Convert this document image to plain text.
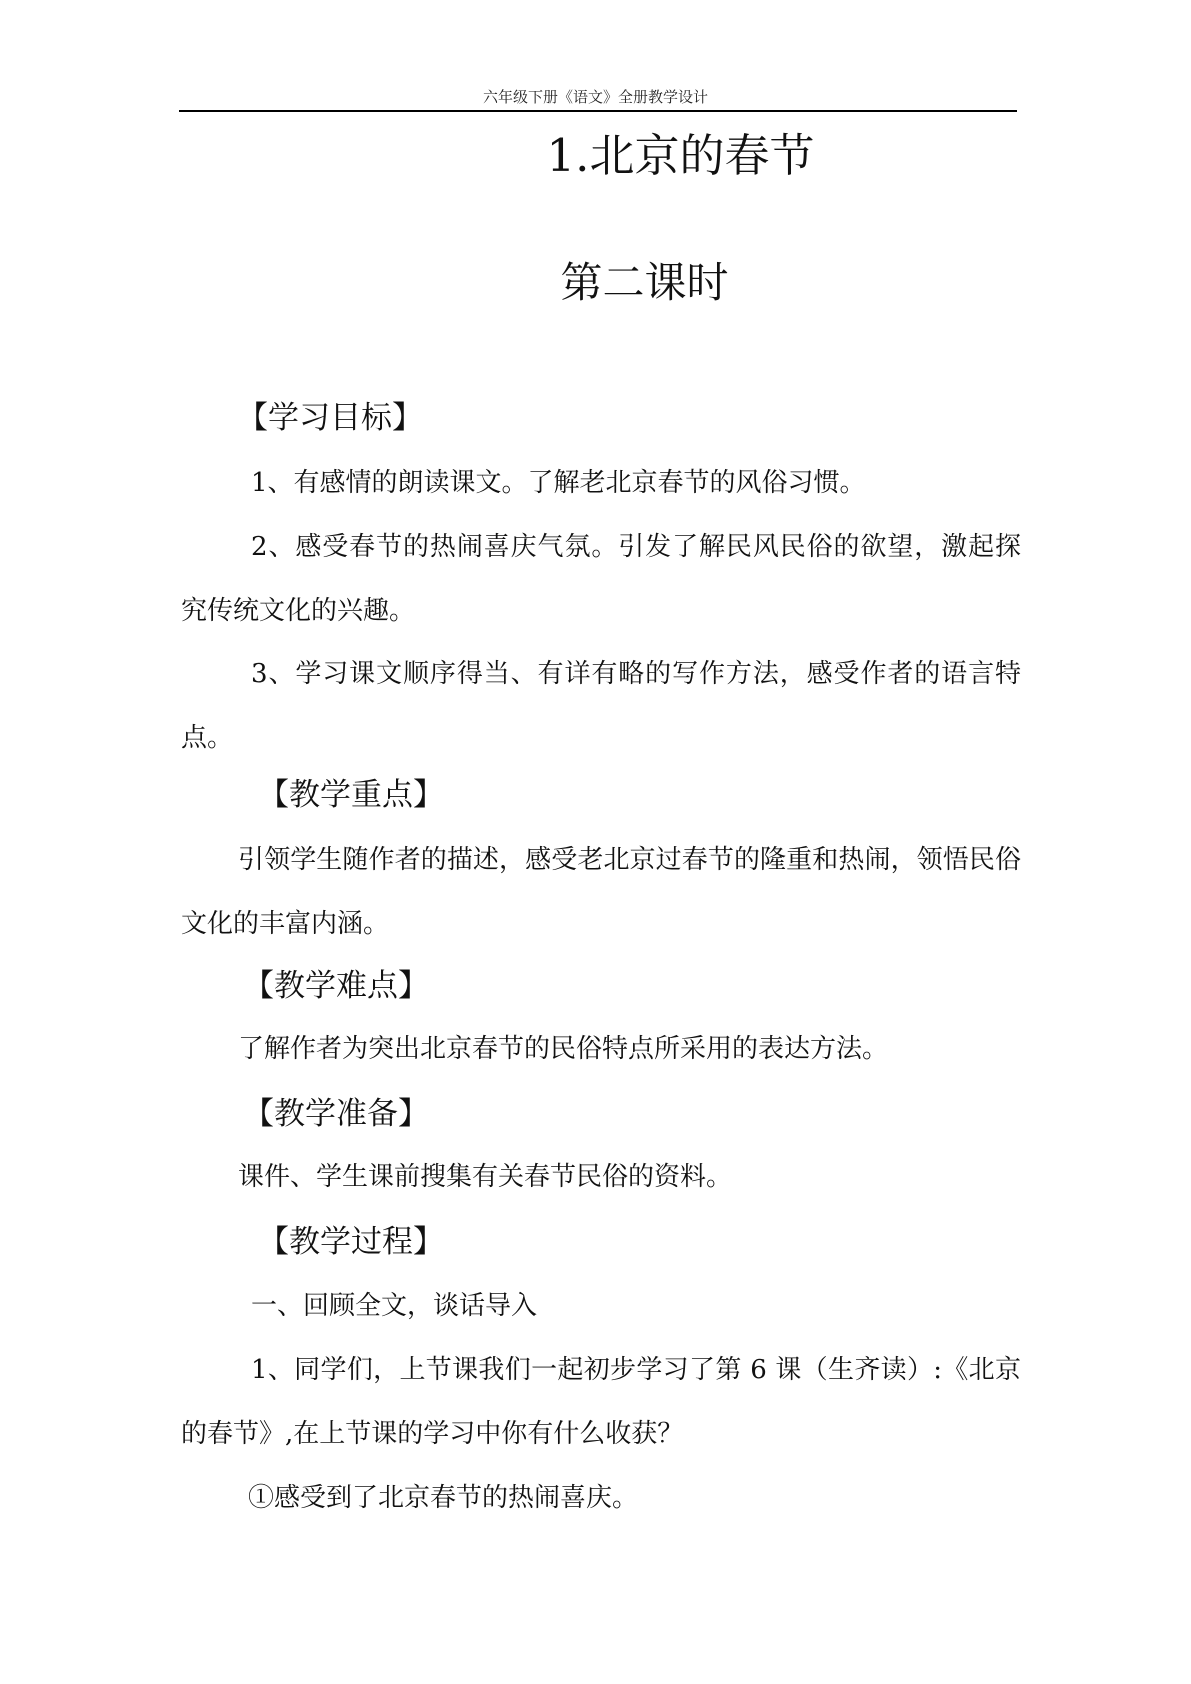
六年级下册《语文》全册教学设计
1.北京的春节
第二课时
【学习目标】
1、有感情的朗读课文。了解老北京春节的风俗习惯。
2、感受春节的热闹喜庆气氛。引发了解民风民俗的欲望，激起探究传统文化的兴趣。
3、学习课文顺序得当、有详有略的写作方法，感受作者的语言特点。
【教学重点】
引领学生随作者的描述，感受老北京过春节的隆重和热闹，领悟民俗文化的丰富内涵。
【教学难点】
了解作者为突出北京春节的民俗特点所采用的表达方法。
【教学准备】
课件、学生课前搜集有关春节民俗的资料。
【教学过程】
一、回顾全文，谈话导入
1、同学们，上节课我们一起初步学习了第 6 课（生齐读）:《北京的春节》,在上节课的学习中你有什么收获？
①感受到了北京春节的热闹喜庆。
